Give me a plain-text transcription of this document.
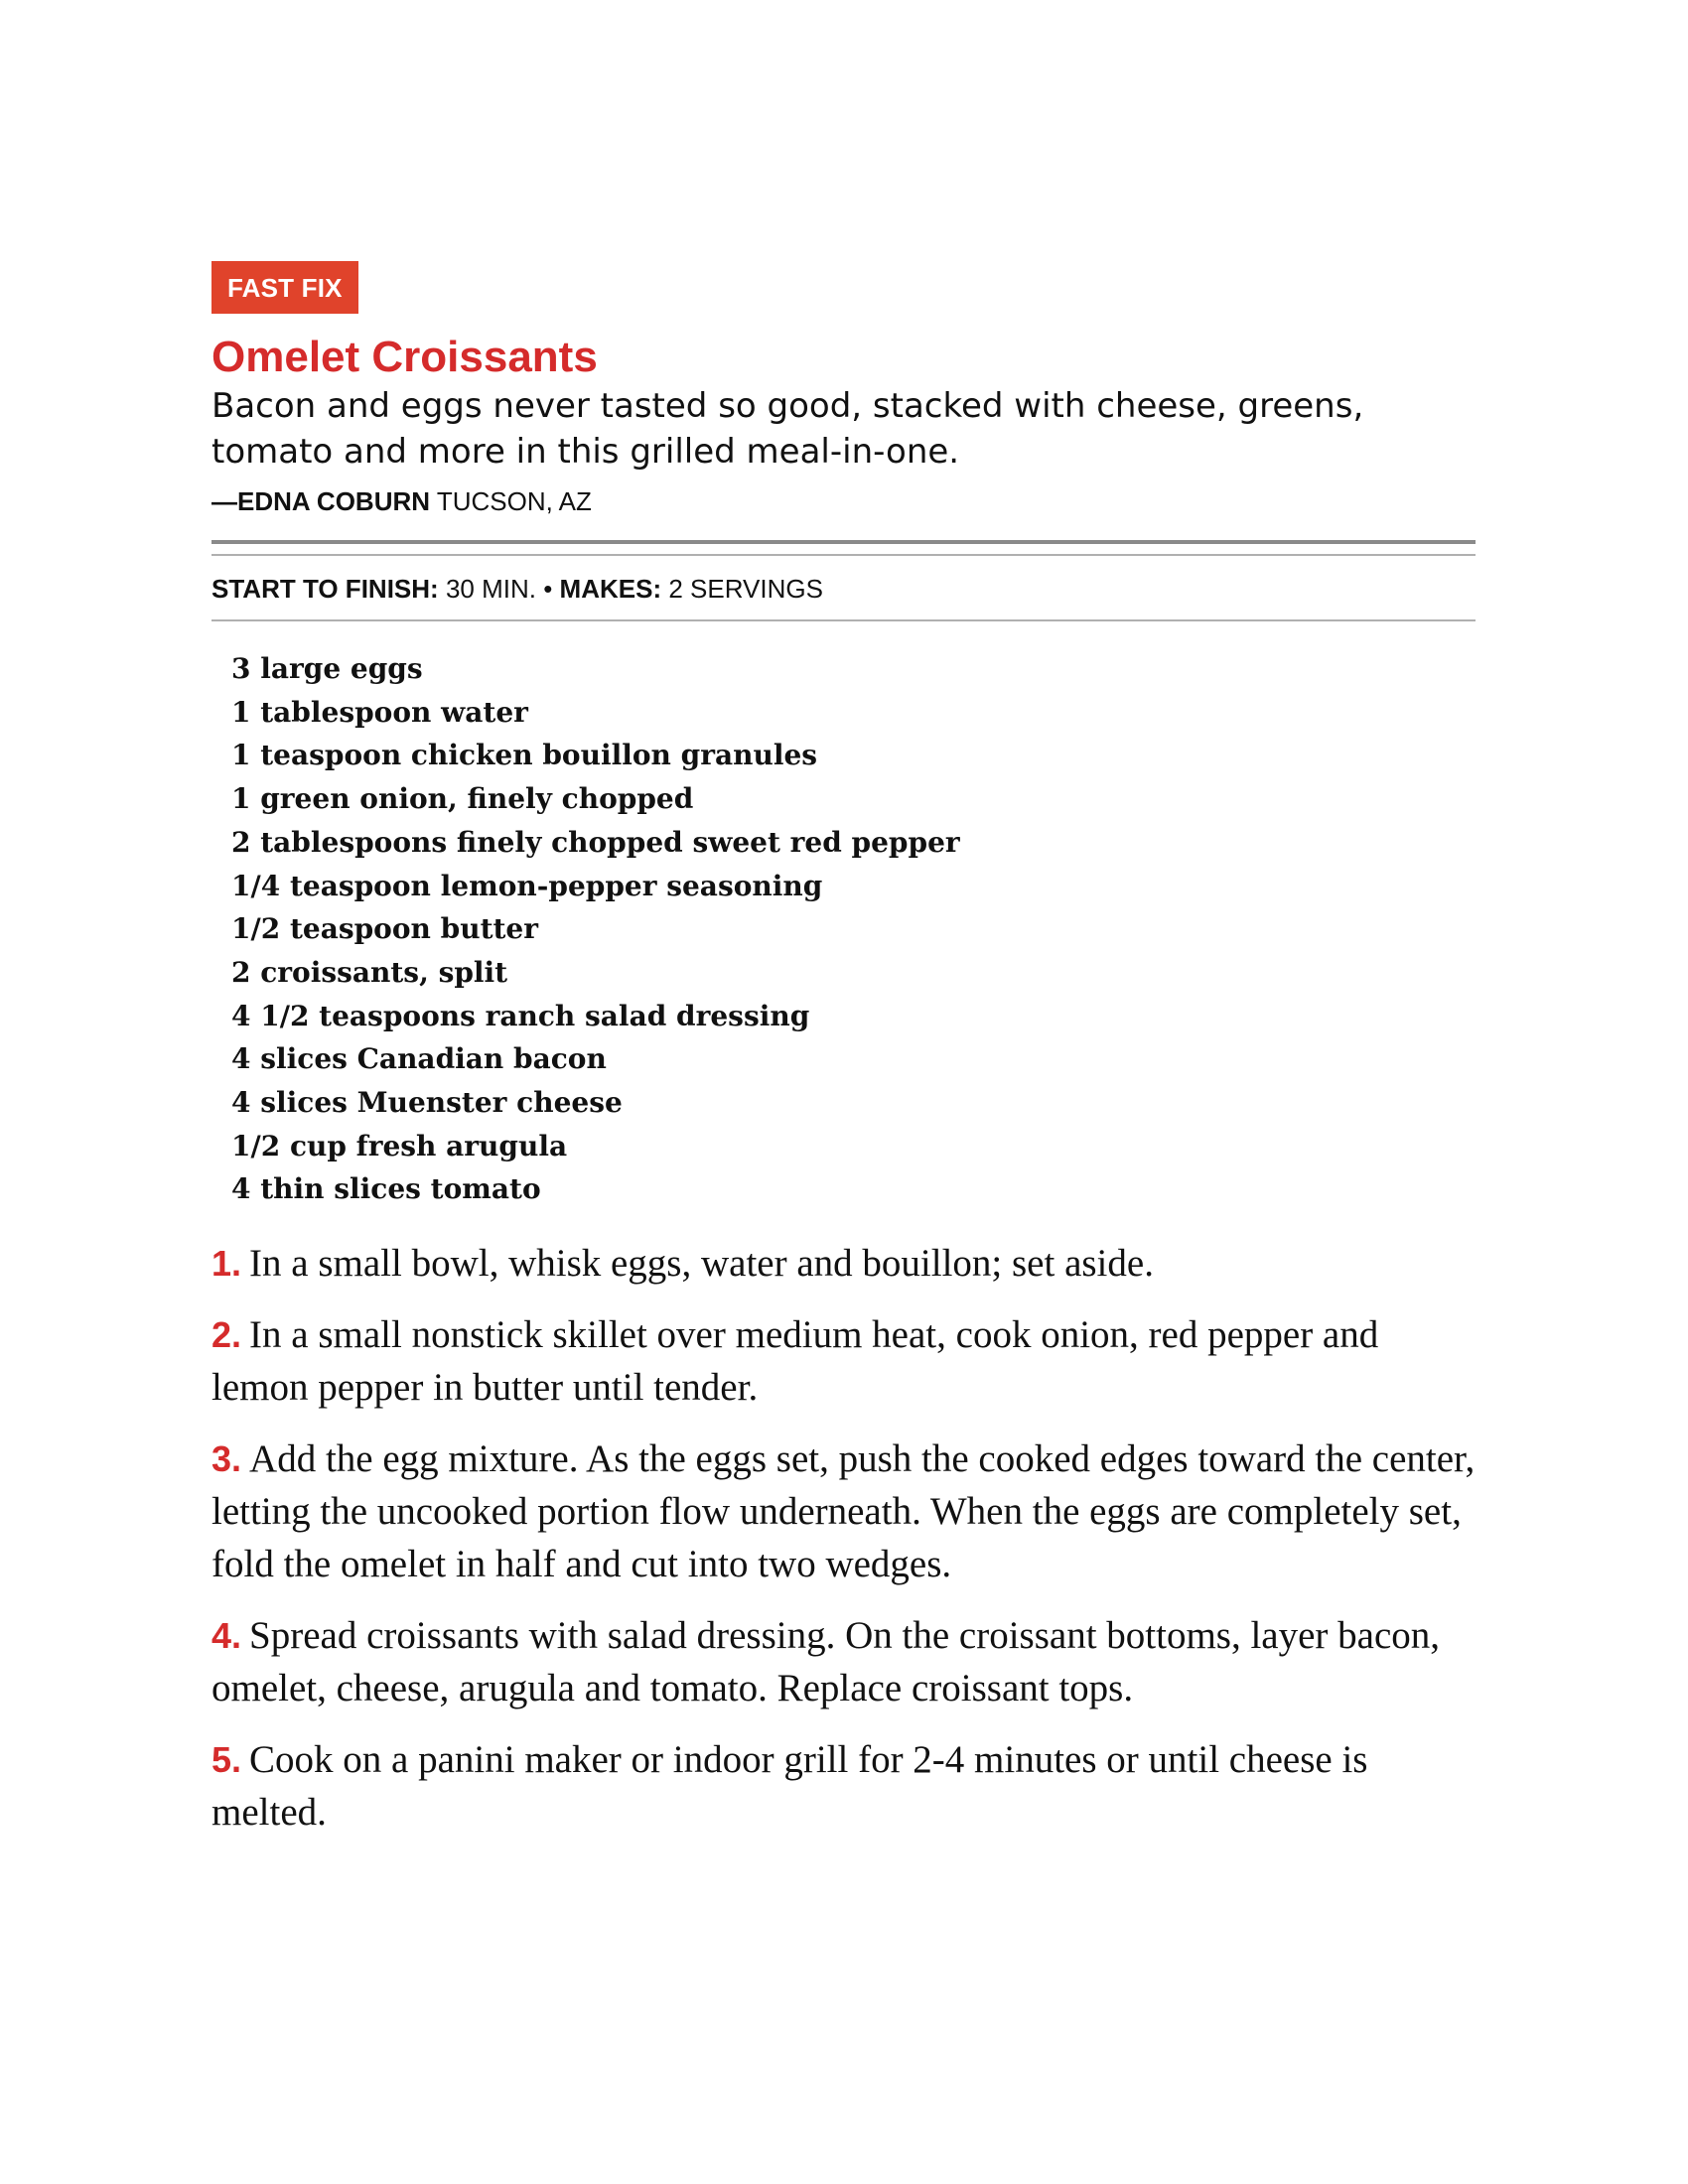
FAST FIX
Omelet Croissants

Bacon and eggs never tasted so good, stacked with cheese, greens, tomato and more in this grilled meal-in-one.

—EDNA COBURN TUCSON, AZ

START TO FINISH: 30 MIN. • MAKES: 2 SERVINGS
3 large eggs
1 tablespoon water
1 teaspoon chicken bouillon granules
1 green onion, finely chopped
2 tablespoons finely chopped sweet red pepper
1/4 teaspoon lemon-pepper seasoning
1/2 teaspoon butter
2 croissants, split
4 1/2 teaspoons ranch salad dressing
4 slices Canadian bacon
4 slices Muenster cheese
1/2 cup fresh arugula
4 thin slices tomato

1. In a small bowl, whisk eggs, water and bouillon; set aside.

2. In a small nonstick skillet over medium heat, cook onion, red pepper and lemon pepper in butter until tender.

3. Add the egg mixture. As the eggs set, push the cooked edges toward the center, letting the uncooked portion flow underneath. When the eggs are completely set, fold the omelet in half and cut into two wedges.

4. Spread croissants with salad dressing. On the croissant bottoms, layer bacon, omelet, cheese, arugula and tomato. Replace croissant tops.

5. Cook on a panini maker or indoor grill for 2-4 minutes or until cheese is melted.
